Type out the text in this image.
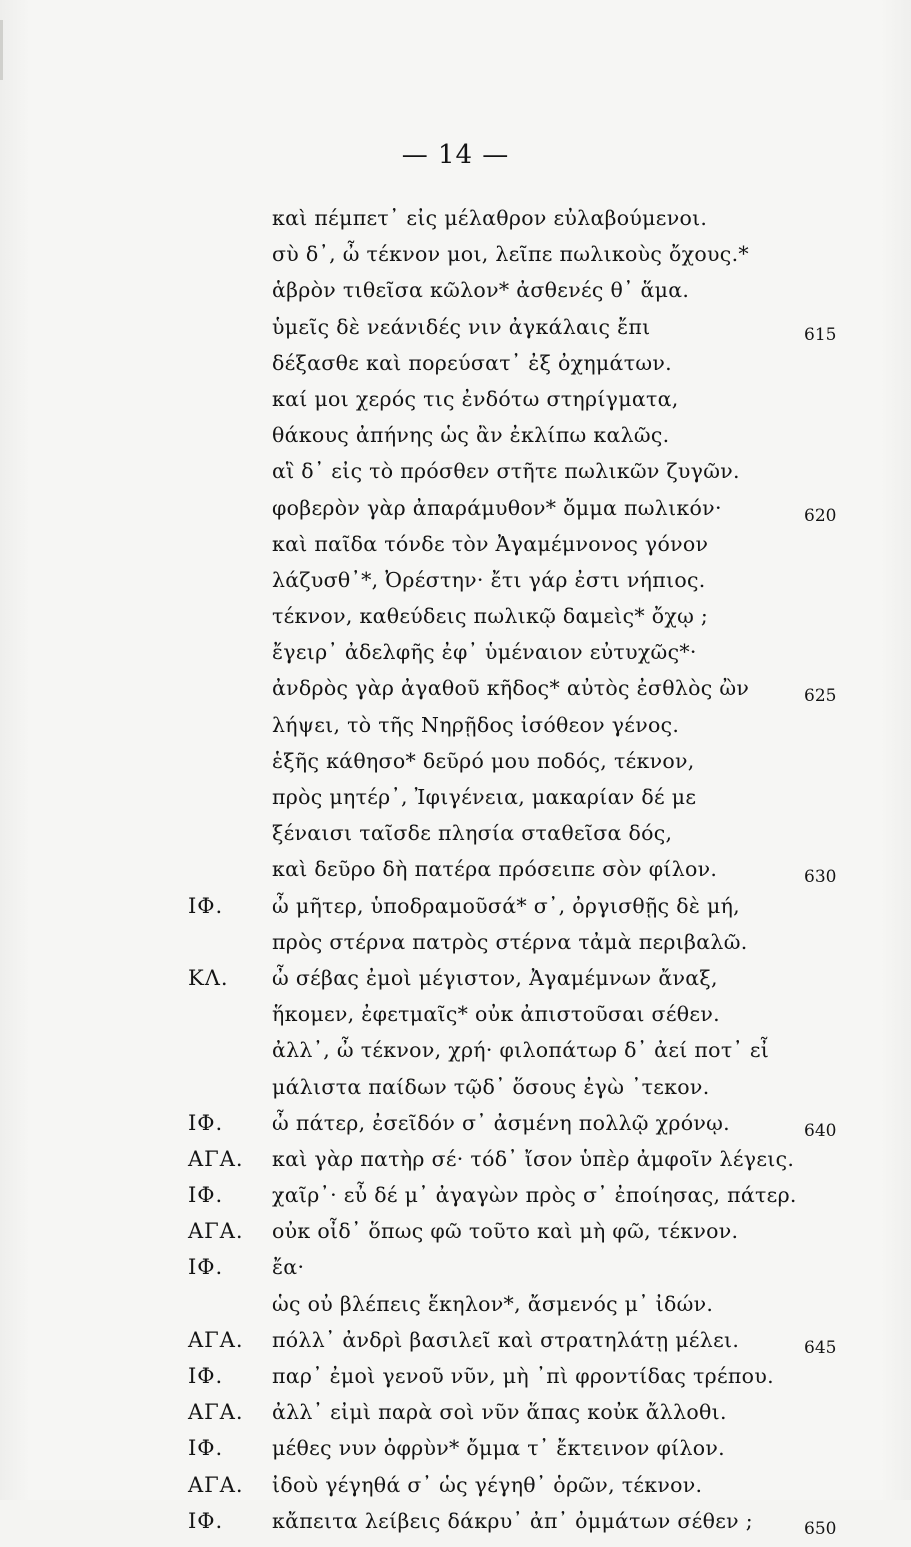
— 14 —
καὶ πέμπετ᾽ εἰς μέλαθρον εὐλαβούμενοι.
σὺ δ᾽, ὦ τέκνον μοι, λεῖπε πωλικοὺς ὄχους.*
ἁβρὸν τιθεῖσα κῶλον* ἀσθενές θ᾽ ἅμα.
ὑμεῖς δὲ νεάνιδές νιν ἀγκάλαις ἔπι	615
δέξασθε καὶ πορεύσατ᾽ ἐξ ὀχημάτων.
καί μοι χερός τις ἐνδότω στηρίγματα,
θάκους ἀπήνης ὡς ἂν ἐκλίπω καλῶς.
αἳ δ᾽ εἰς τὸ πρόσθεν στῆτε πωλικῶν ζυγῶν.
φοβερὸν γὰρ ἀπαράμυθον* ὄμμα πωλικόν·	620
καὶ παῖδα τόνδε τὸν Ἀγαμέμνονος γόνον
λάζυσθ᾽*, Ὀρέστην· ἔτι γάρ ἐστι νήπιος.
τέκνον, καθεύδεις πωλικῷ δαμεὶς* ὄχῳ ;
ἔγειρ᾽ ἀδελφῆς ἐφ᾽ ὑμέναιον εὐτυχῶς*·
ἀνδρὸς γὰρ ἀγαθοῦ κῆδος* αὐτὸς ἐσθλὸς ὢν	625
λήψει, τὸ τῆς Νηρῇδος ἰσόθεον γένος.
ἑξῆς κάθησο* δεῦρό μου ποδός, τέκνον,
πρὸς μητέρ᾽, Ἰφιγένεια, μακαρίαν δέ με
ξέναισι ταῖσδε πλησία σταθεῖσα δός,
καὶ δεῦρο δὴ πατέρα πρόσειπε σὸν φίλον.	630
ΙΦ. ὦ μῆτερ, ὑποδραμοῦσά* σ᾽, ὀργισθῇς δὲ μή,
πρὸς στέρνα πατρὸς στέρνα τἀμὰ περιβαλῶ.
ΚΛ. ὦ σέβας ἐμοὶ μέγιστον, Ἀγαμέμνων ἄναξ,
ἥκομεν, ἐφετμαῖς* οὐκ ἀπιστοῦσαι σέθεν.
ἀλλ᾽, ὦ τέκνον, χρή· φιλοπάτωρ δ᾽ ἀεί ποτ᾽ εἶ
μάλιστα παίδων τῷδ᾽ ὅσους ἐγὼ ᾽τεκον.
ΙΦ. ὦ πάτερ, ἐσεῖδόν σ᾽ ἀσμένη πολλῷ χρόνῳ.	640
ΑΓΑ. καὶ γὰρ πατὴρ σέ· τόδ᾽ ἴσον ὑπὲρ ἀμφοῖν λέγεις.
ΙΦ. χαῖρ᾽· εὖ δέ μ᾽ ἀγαγὼν πρὸς σ᾽ ἐποίησας, πάτερ.
ΑΓΑ. οὐκ οἶδ᾽ ὅπως φῶ τοῦτο καὶ μὴ φῶ, τέκνον.
ΙΦ. ἔα·
ὡς οὐ βλέπεις ἕκηλον*, ἄσμενός μ᾽ ἰδών.
ΑΓΑ. πόλλ᾽ ἀνδρὶ βασιλεῖ καὶ στρατηλάτῃ μέλει.	645
ΙΦ. παρ᾽ ἐμοὶ γενοῦ νῦν, μὴ ᾽πὶ φροντίδας τρέπου.
ΑΓΑ. ἀλλ᾽ εἰμὶ παρὰ σοὶ νῦν ἅπας κοὐκ ἄλλοθι.
ΙΦ. μέθες νυν ὀφρὺν* ὄμμα τ᾽ ἔκτεινον φίλον.
ΑΓΑ. ἰδοὺ γέγηθά σ᾽ ὡς γέγηθ᾽ ὁρῶν, τέκνον.
ΙΦ. κἄπειτα λείβεις δάκρυ᾽ ἀπ᾽ ὀμμάτων σέθεν ;	650
